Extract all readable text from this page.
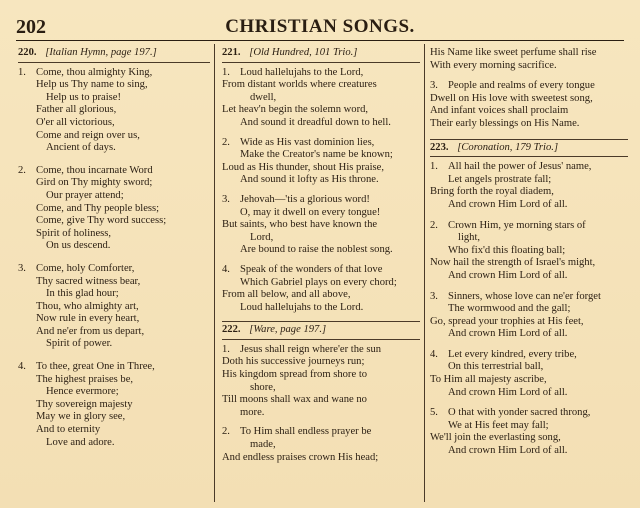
202	CHRISTIAN SONGS.
220. [Italian Hymn, page 197.]
1. Come, thou almighty King,
Help us Thy name to sing,
Help us to praise!
Father all glorious,
O'er all victorious,
Come and reign over us,
Ancient of days.
2. Come, thou incarnate Word
Gird on Thy mighty sword;
Our prayer attend;
Come, and Thy people bless;
Come, give Thy word success;
Spirit of holiness,
On us descend.
3. Come, holy Comforter,
Thy sacred witness bear,
In this glad hour;
Thou, who almighty art,
Now rule in every heart,
And ne'er from us depart,
Spirit of power.
4. To thee, great One in Three,
The highest praises be,
Hence evermore;
Thy sovereign majesty
May we in glory see,
And to eternity
Love and adore.
221. [Old Hundred, 101 Trio.]
1. Loud hallelujahs to the Lord,
From distant worlds where creatures
dwell,
Let heav'n begin the solemn word,
And sound it dreadful down to hell.
2. Wide as His vast dominion lies,
Make the Creator's name be known;
Loud as His thunder, shout His praise,
And sound it lofty as His throne.
3. Jehovah—'tis a glorious word!
O, may it dwell on every tongue!
But saints, who best have known the
Lord,
Are bound to raise the noblest song.
4. Speak of the wonders of that love
Which Gabriel plays on every chord;
From all below, and all above,
Loud hallelujahs to the Lord.
222. [Ware, page 197.]
1. Jesus shall reign where'er the sun
Doth his successive journeys run;
His kingdom spread from shore to
shore,
Till moons shall wax and wane no
more.
2. To Him shall endless prayer be
made,
And endless praises crown His head;
His Name like sweet perfume shall rise
With every morning sacrifice.
3. People and realms of every tongue
Dwell on His love with sweetest song,
And infant voices shall proclaim
Their early blessings on His Name.
223. [Coronation, 179 Trio.]
1. All hail the power of Jesus' name,
Let angels prostrate fall;
Bring forth the royal diadem,
And crown Him Lord of all.
2. Crown Him, ye morning stars of
light,
Who fix'd this floating ball;
Now hail the strength of Israel's might,
And crown Him Lord of all.
3. Sinners, whose love can ne'er forget
The wormwood and the gall;
Go, spread your trophies at His feet,
And crown Him Lord of all.
4. Let every kindred, every tribe,
On this terrestrial ball,
To Him all majesty ascribe,
And crown Him Lord of all.
5. O that with yonder sacred throng,
We at His feet may fall;
We'll join the everlasting song,
And crown Him Lord of all.
